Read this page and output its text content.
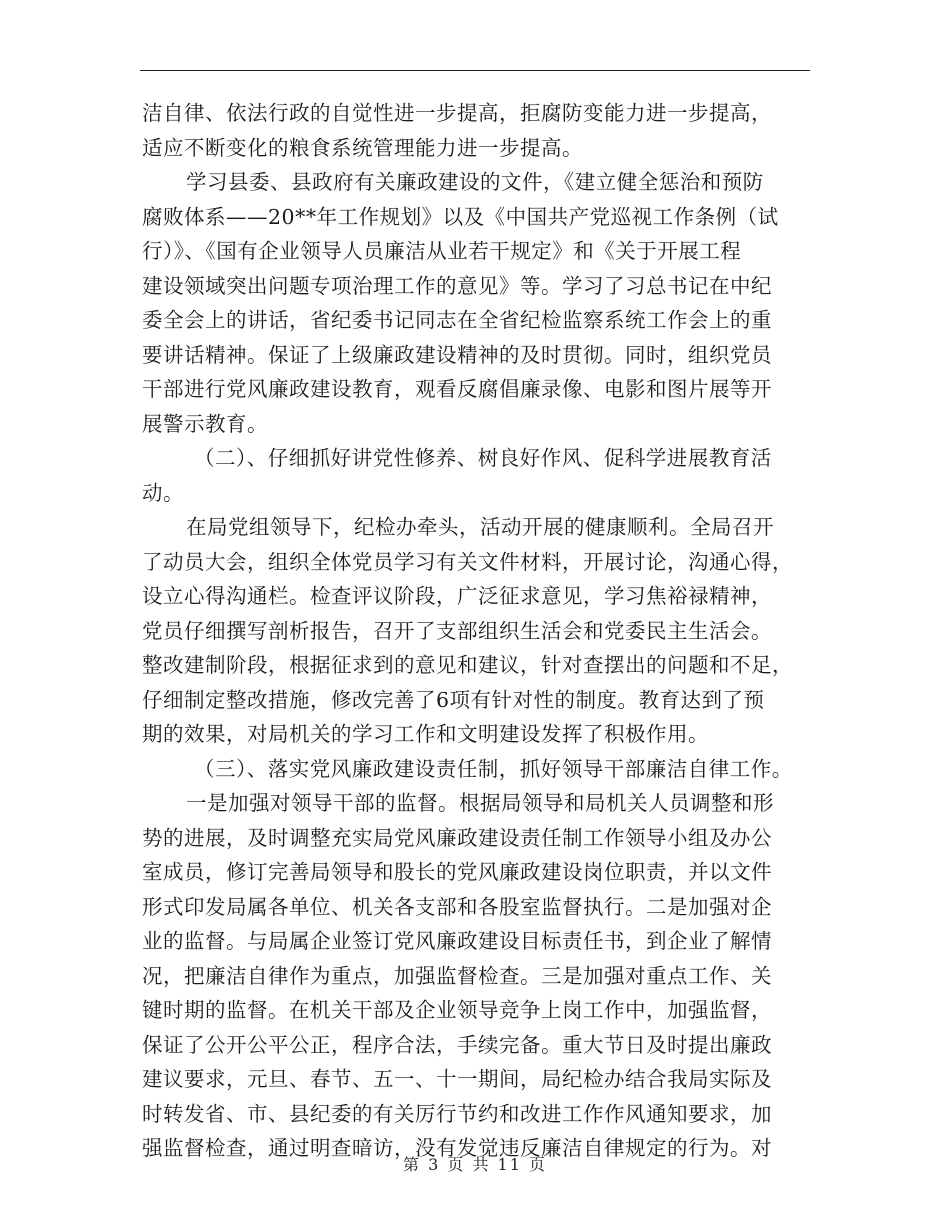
洁自律、依法行政的自觉性进一步提高，拒腐防变能力进一步提高，
适应不断变化的粮食系统管理能力进一步提高。
学习县委、县政府有关廉政建设的文件，《建立健全惩治和预防
腐败体系——20**年工作规划》以及《中国共产党巡视工作条例（试
行）》、《国有企业领导人员廉洁从业若干规定》和《关于开展工程
建设领域突出问题专项治理工作的意见》等。学习了习总书记在中纪
委全会上的讲话，省纪委书记同志在全省纪检监察系统工作会上的重
要讲话精神。保证了上级廉政建设精神的及时贯彻。同时，组织党员
干部进行党风廉政建设教育，观看反腐倡廉录像、电影和图片展等开
展警示教育。
（二）、仔细抓好讲党性修养、树良好作风、促科学进展教育活
动。
在局党组领导下，纪检办牵头，活动开展的健康顺利。全局召开
了动员大会，组织全体党员学习有关文件材料，开展讨论，沟通心得，
设立心得沟通栏。检查评议阶段，广泛征求意见，学习焦裕禄精神，
党员仔细撰写剖析报告，召开了支部组织生活会和党委民主生活会。
整改建制阶段，根据征求到的意见和建议，针对查摆出的问题和不足，
仔细制定整改措施，修改完善了6项有针对性的制度。教育达到了预
期的效果，对局机关的学习工作和文明建设发挥了积极作用。
（三）、落实党风廉政建设责任制，抓好领导干部廉洁自律工作。
一是加强对领导干部的监督。根据局领导和局机关人员调整和形
势的进展，及时调整充实局党风廉政建设责任制工作领导小组及办公
室成员，修订完善局领导和股长的党风廉政建设岗位职责，并以文件
形式印发局属各单位、机关各支部和各股室监督执行。二是加强对企
业的监督。与局属企业签订党风廉政建设目标责任书，到企业了解情
况，把廉洁自律作为重点，加强监督检查。三是加强对重点工作、关
键时期的监督。在机关干部及企业领导竞争上岗工作中，加强监督，
保证了公开公平公正，程序合法，手续完备。重大节日及时提出廉政
建议要求，元旦、春节、五一、十一期间，局纪检办结合我局实际及
时转发省、市、县纪委的有关厉行节约和改进工作作风通知要求，加
强监督检查，通过明查暗访，没有发觉违反廉洁自律规定的行为。对
第 3 页 共 11 页
